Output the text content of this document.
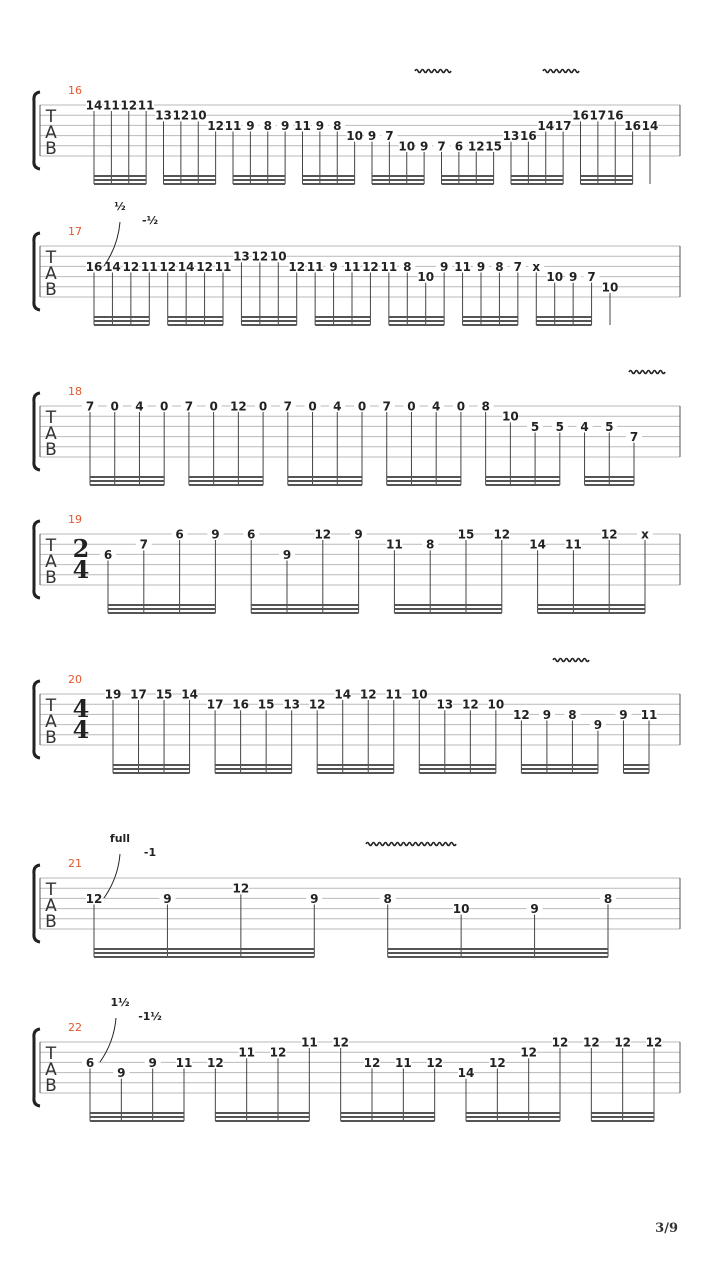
T
A
B
16
14 11 12 11
13 12 10
12 11 9 8 9 11 9 8
10 9 7
10 9 7 6 12 15
13 16
14 17
16 17 16
16 14
T
A
B
17
16 14 12 11 12 14 12 11
13 12 10
12 11 9 11 12 11 8
10
9 11 9 8 7 x
10 9 7
10
½
-½
T
A
B
18
7 0 4 0 7 0 12 0 7 0 4 0 7 0 4 0 8
10
5 5 4 5
7
T
A
B
19
2
4
6
7
6 9 6
9
12 9
11 8
15 12
14 11
12 x
T
A
B
20
4
4
19 17 15 14
17 16 15 13 12
14 12 11 10
13 12 10
12 9 8
9
9 11
T
A
B
21
12	9
12
9	8
10	9
8
full
-1
T
A
B
22
6
9
9 11 12
11 12
11 12
12 11 12
14
12
12
12 12 12 12
1½
-1½
3/9
